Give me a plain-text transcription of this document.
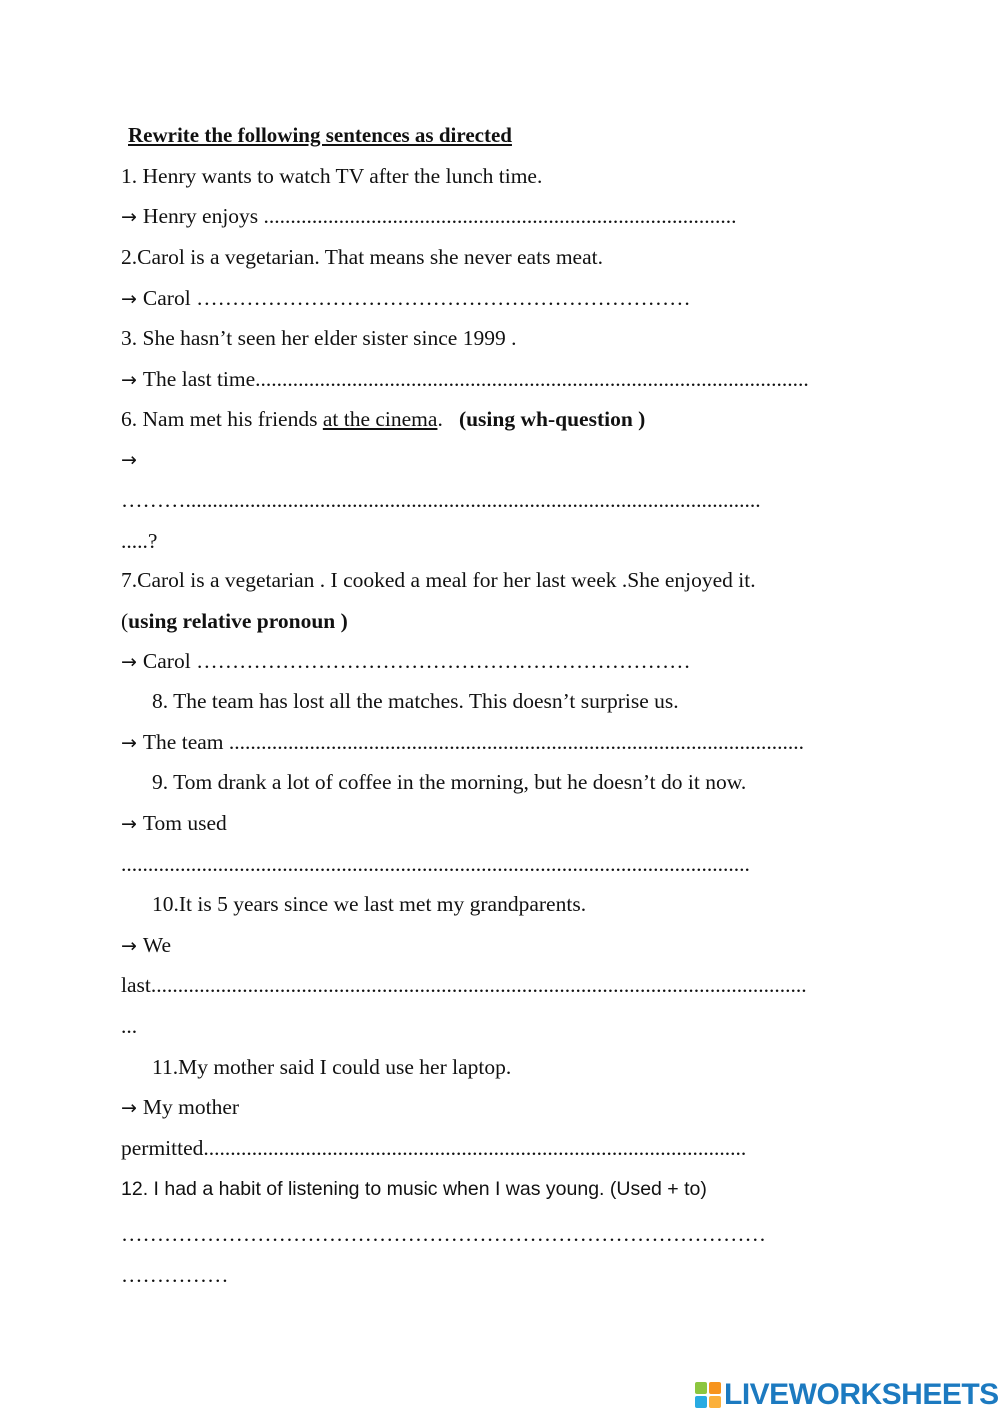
Rewrite the following sentences as directed
1. Henry wants to watch TV after the lunch time.
→ Henry enjoys ........................................................................................
2.Carol is a vegetarian. That means she never eats meat.
→ Carol ……………………………………………………………
3. She hasn’t seen her elder sister since 1999 .
→ The last time.......................................................................................................
6. Nam met his friends at the cinema.   (using wh-question )
→
………...........................................................................................................
.....?
7.Carol is a vegetarian . I cooked a meal for her last week .She enjoyed it.
(using relative pronoun )
→ Carol ……………………………………………………………
8. The team has lost all the matches. This doesn’t surprise us.
→ The team ...........................................................................................................
9. Tom drank a lot of coffee in the morning, but he doesn’t do it now.
→ Tom used
.....................................................................................................................
10.It is 5 years since we last met my grandparents.
→ We
last..........................................................................................................................
...
11.My mother said I could use her laptop.
→ My mother
permitted.....................................................................................................
12. I had a habit of listening to music when I was young. (Used + to)
………………………………………………………………………………
……………
LIVEWORKSHEETS
